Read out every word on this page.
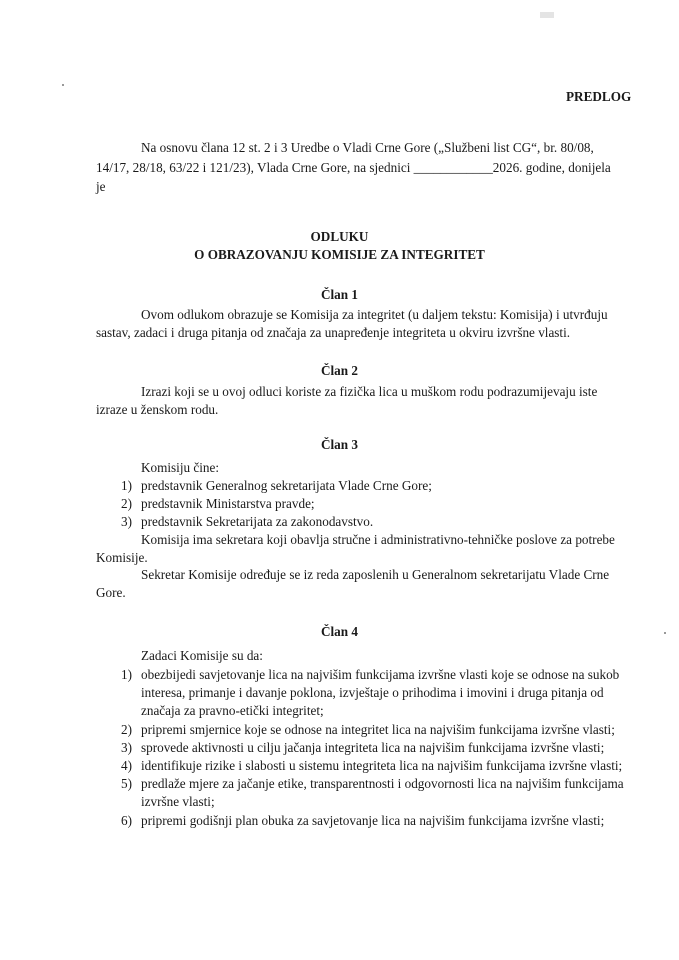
PREDLOG
Na osnovu člana 12 st. 2 i 3 Uredbe o Vladi Crne Gore („Službeni list CG“, br. 80/08,
14/17, 28/18, 63/22 i 121/23), Vlada Crne Gore, na sjednici ____________2026. godine, donijela
je
ODLUKU
O OBRAZOVANJU KOMISIJE ZA INTEGRITET
Član 1
Ovom odlukom obrazuje se Komisija za integritet (u daljem tekstu: Komisija) i utvrđuju
sastav, zadaci i druga pitanja od značaja za unapređenje integriteta u okviru izvršne vlasti.
Član 2
Izrazi koji se u ovoj odluci koriste za fizička lica u muškom rodu podrazumijevaju iste
izraze u ženskom rodu.
Član 3
Komisiju čine:
1) predstavnik Generalnog sekretarijata Vlade Crne Gore;
2) predstavnik Ministarstva pravde;
3) predstavnik Sekretarijata za zakonodavstvo.
Komisija ima sekretara koji obavlja stručne i administrativno-tehničke poslove za potrebe
Komisije.
Sekretar Komisije određuje se iz reda zaposlenih u Generalnom sekretarijatu Vlade Crne
Gore.
Član 4
Zadaci Komisije su da:
1) obezbijedi savjetovanje lica na najvišim funkcijama izvršne vlasti koje se odnose na sukob
interesa, primanje i davanje poklona, izvještaje o prihodima i imovini i druga pitanja od
značaja za pravno-etički integritet;
2) pripremi smjernice koje se odnose na integritet lica na najvišim funkcijama izvršne vlasti;
3) sprovede aktivnosti u cilju jačanja integriteta lica na najvišim funkcijama izvršne vlasti;
4) identifikuje rizike i slabosti u sistemu integriteta lica na najvišim funkcijama izvršne vlasti;
5) predlaže mjere za jačanje etike, transparentnosti i odgovornosti lica na najvišim funkcijama
izvršne vlasti;
6) pripremi godišnji plan obuka za savjetovanje lica na najvišim funkcijama izvršne vlasti;
